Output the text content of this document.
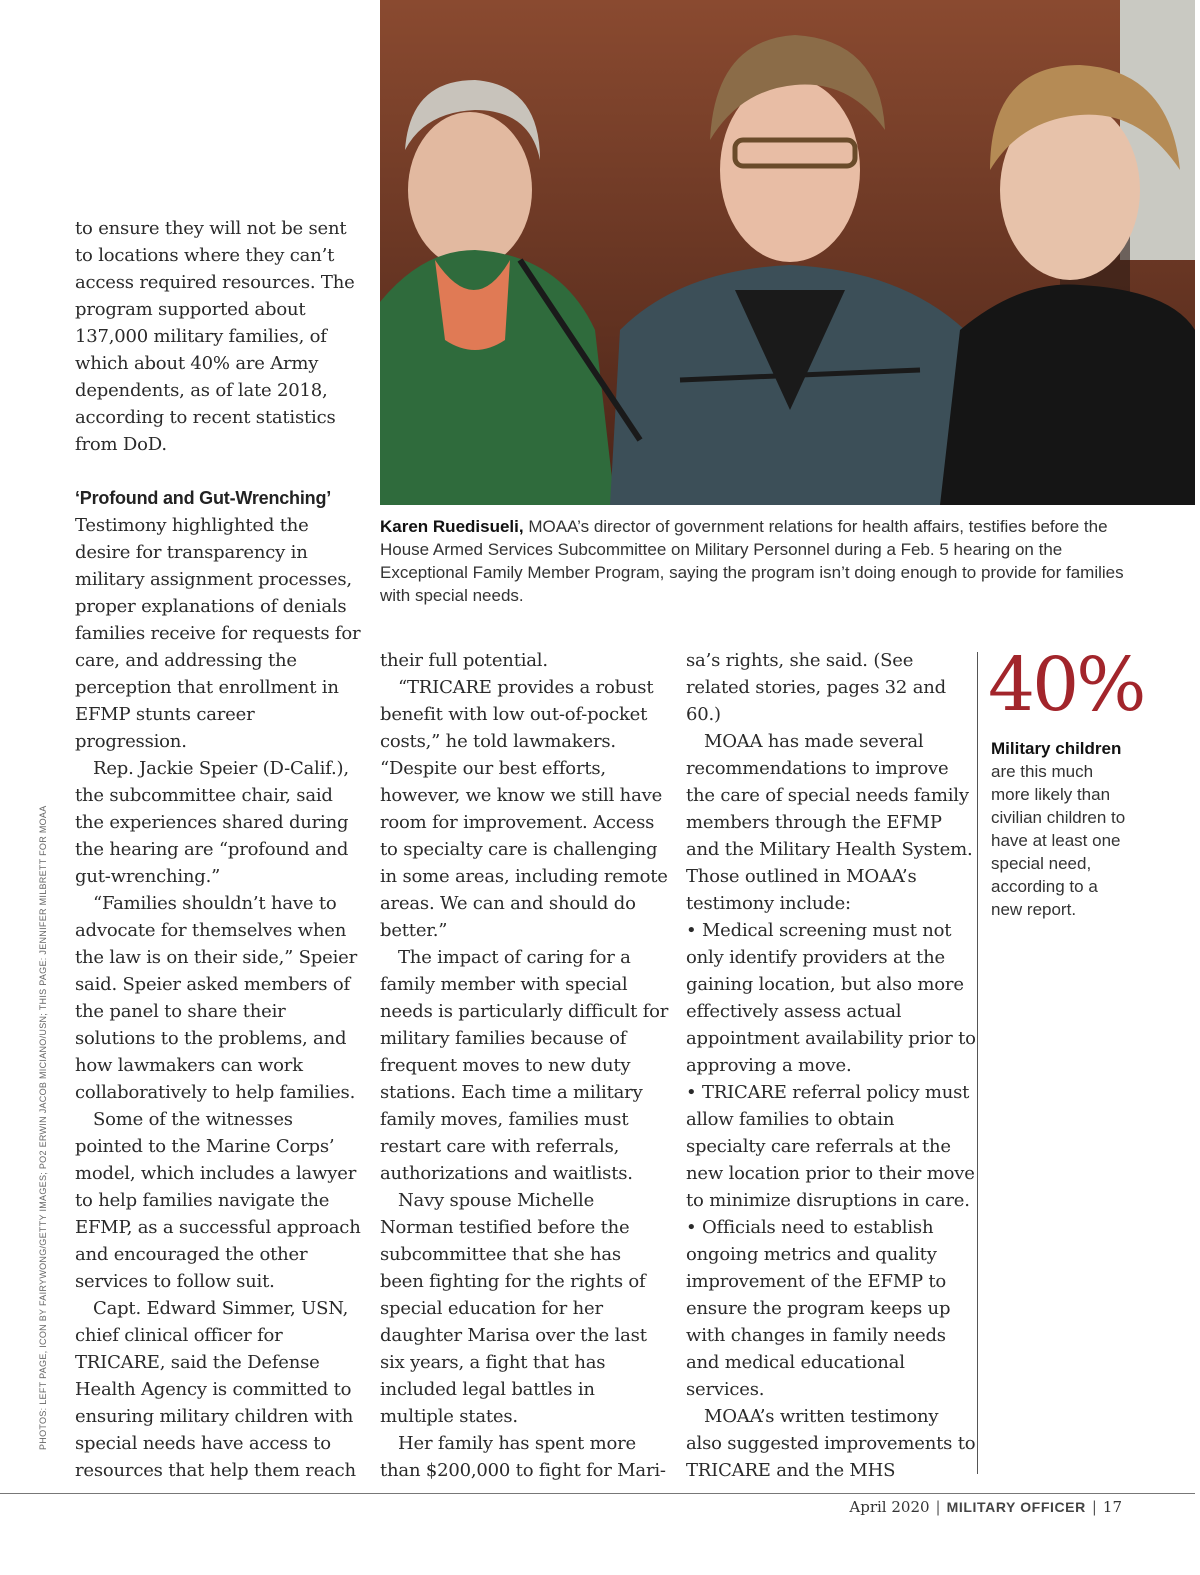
Karen Ruedisueli, MOAA’s director of government relations for health affairs, testifies before the House Armed Services Subcommittee on Military Personnel during a Feb. 5 hearing on the Exceptional Family Member Program, saying the program isn’t doing enough to provide for families with special needs.

to ensure they will not be sent to locations where they can’t access required resources. The program supported about 137,000 military families, of which about 40% are Army dependents, as of late 2018, according to recent statistics from DoD.

‘Profound and Gut-Wrenching’

Testimony highlighted the desire for transparency in military assignment processes, proper explanations of denials families receive for requests for care, and addressing the perception that enrollment in EFMP stunts career progression.

Rep. Jackie Speier (D-Calif.), the subcommittee chair, said the experiences shared during the hearing are “profound and gut-wrenching.”

“Families shouldn’t have to advocate for themselves when the law is on their side,” Speier said. Speier asked members of the panel to share their solutions to the problems, and how lawmakers can work collaboratively to help families.

Some of the witnesses pointed to the Marine Corps’ model, which includes a lawyer to help families navigate the EFMP, as a successful approach and encouraged the other services to follow suit.

Capt. Edward Simmer, USN, chief clinical officer for TRICARE, said the Defense Health Agency is committed to ensuring military children with special needs have access to resources that help them reach

their full potential.

“TRICARE provides a robust benefit with low out-of-pocket costs,” he told lawmakers. “Despite our best efforts, however, we know we still have room for improvement. Access to specialty care is challenging in some areas, including remote areas. We can and should do better.”

The impact of caring for a family member with special needs is particularly difficult for military families because of frequent moves to new duty stations. Each time a military family moves, families must restart care with referrals, authorizations and waitlists.

Navy spouse Michelle Norman testified before the subcommittee that she has been fighting for the rights of special education for her daughter Marisa over the last six years, a fight that has included legal battles in multiple states.

Her family has spent more than $200,000 to fight for Mari-

sa’s rights, she said. (See related stories, pages 32 and 60.)

MOAA has made several recommendations to improve the care of special needs family members through the EFMP and the Military Health System. Those outlined in MOAA’s testimony include:

• Medical screening must not only identify providers at the gaining location, but also more effectively assess actual appointment availability prior to approving a move.

• TRICARE referral policy must allow families to obtain specialty care referrals at the new location prior to their move to minimize disruptions in care.

• Officials need to establish ongoing metrics and quality improvement of the EFMP to ensure the program keeps up with changes in family needs and medical educational services.

MOAA’s written testimony also suggested improvements to TRICARE and the MHS

40%
Military children are this much more likely than civilian children to have at least one special need, according to a new report.
PHOTOS: LEFT PAGE, ICON BY FAIRYWONG/GETTY IMAGES; PO2 ERWIN JACOB MICIANO/USN; THIS PAGE: JENNIFER MILBRETT FOR MOAA
April 2020 | MILITARY OFFICER | 17
